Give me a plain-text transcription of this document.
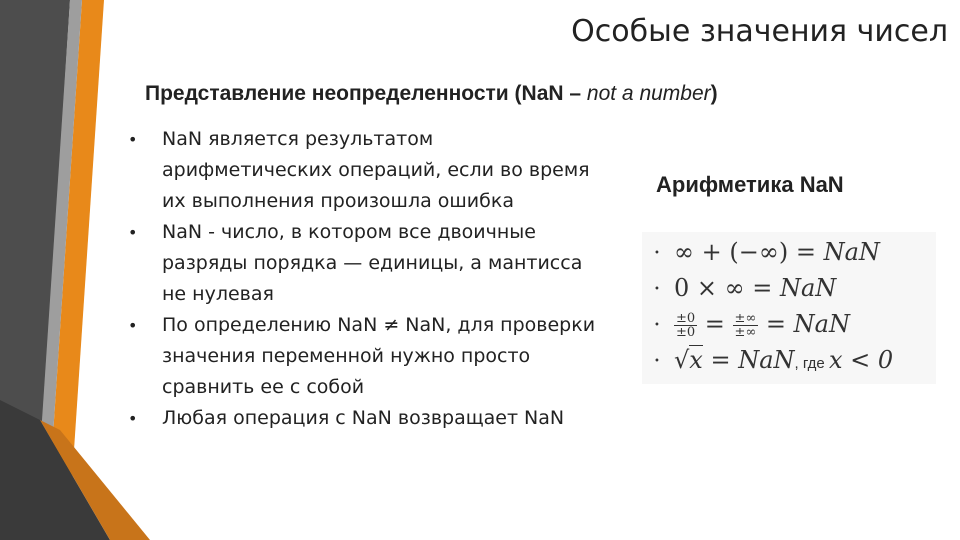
Особые значения чисел
Представление неопределенности (NaN – not a number)
• NaN является результатом арифметических операций, если во время их выполнения произошла ошибка
• NaN - число, в котором все двоичные разряды порядка — единицы, а мантисса не нулевая
• По определению NaN ≠ NaN, для проверки значения переменной нужно просто сравнить ее с собой
• Любая операция с NaN возвращает NaN
Арифметика NaN
• ∞ + (−∞) = NaN
• 0 × ∞ = NaN
• $\frac{\pm 0}{\pm 0} = \frac{\pm\infty}{\pm\infty}$ = NaN
• √x = NaN, где x < 0
